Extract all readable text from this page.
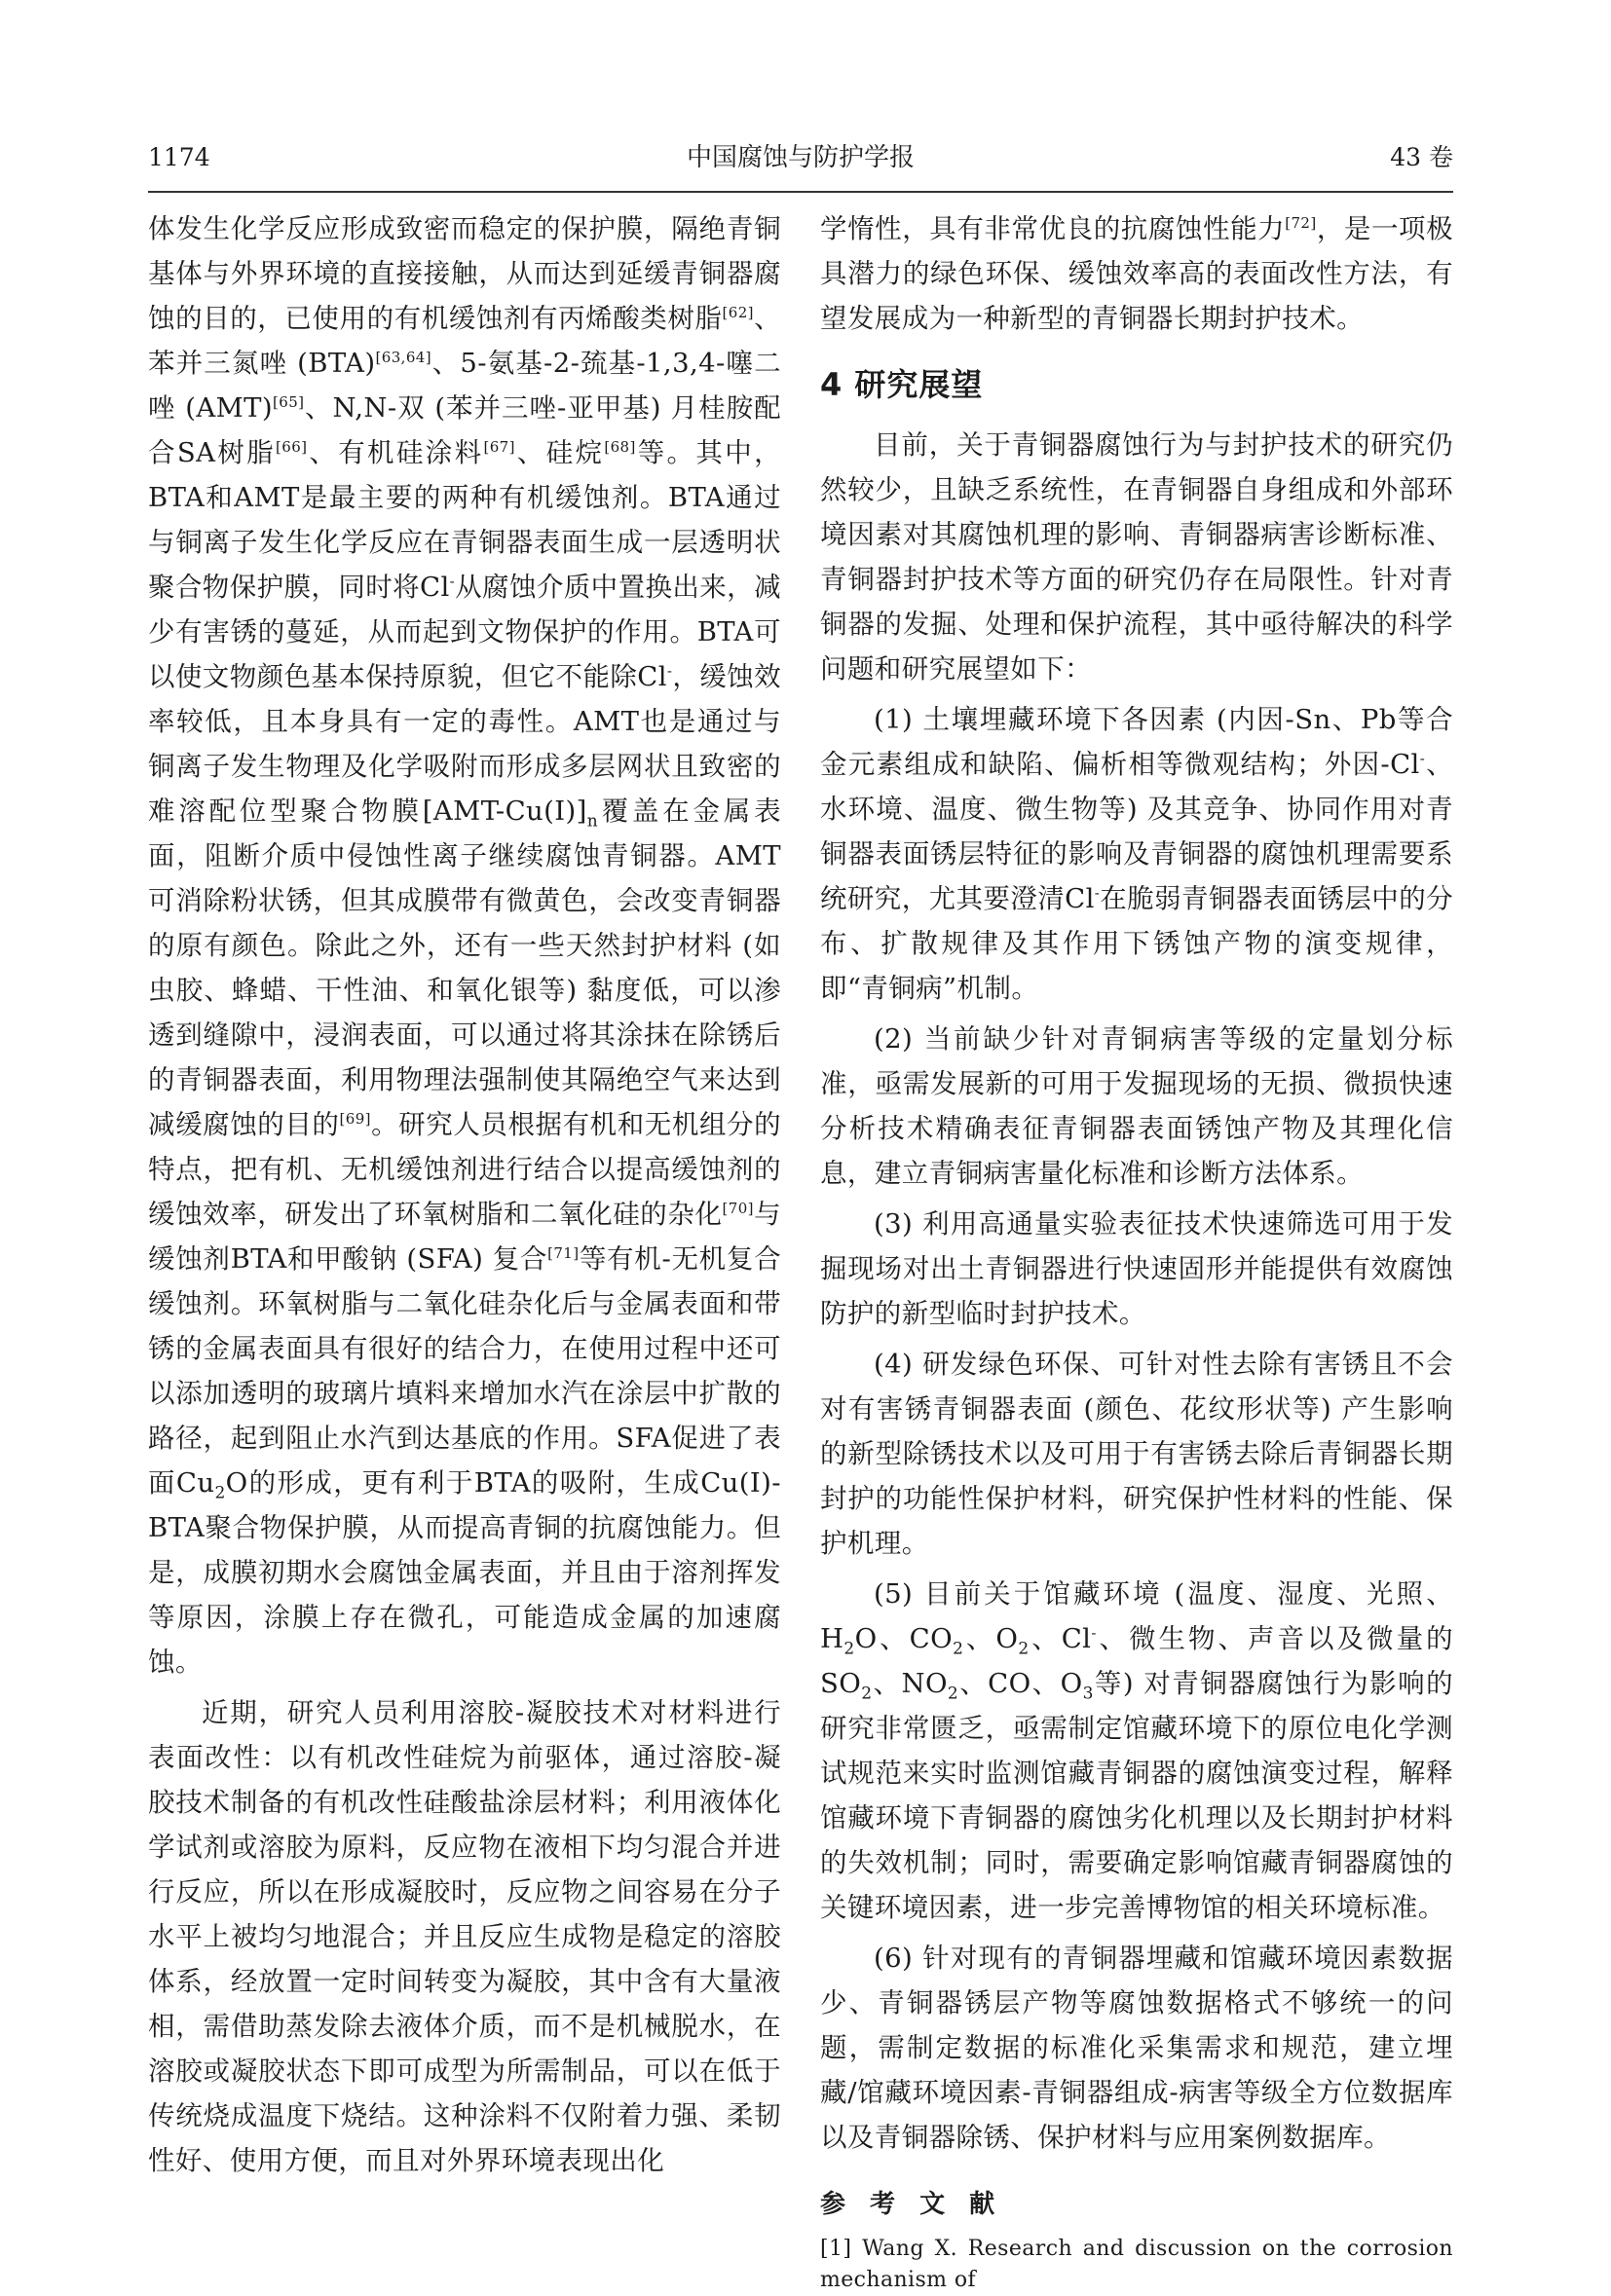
1174	中国腐蚀与防护学报	43 卷

体发生化学反应形成致密而稳定的保护膜，隔绝青铜基体与外界环境的直接接触，从而达到延缓青铜器腐蚀的目的，已使用的有机缓蚀剂有丙烯酸类树脂[62]、苯并三氮唑 (BTA)[63,64]、5-氨基-2-巯基-1,3,4-噻二唑 (AMT)[65]、N,N-双 (苯并三唑-亚甲基) 月桂胺配合SA树脂[66]、有机硅涂料[67]、硅烷[68]等。其中，BTA和AMT是最主要的两种有机缓蚀剂。BTA通过与铜离子发生化学反应在青铜器表面生成一层透明状聚合物保护膜，同时将Cl-从腐蚀介质中置换出来，减少有害锈的蔓延，从而起到文物保护的作用。BTA可以使文物颜色基本保持原貌，但它不能除Cl-，缓蚀效率较低，且本身具有一定的毒性。AMT也是通过与铜离子发生物理及化学吸附而形成多层网状且致密的难溶配位型聚合物膜$[AMT-Cu(I)]_n$覆盖在金属表面，阻断介质中侵蚀性离子继续腐蚀青铜器。AMT可消除粉状锈，但其成膜带有微黄色，会改变青铜器的原有颜色。除此之外，还有一些天然封护材料 (如虫胶、蜂蜡、干性油、和氧化银等) 黏度低，可以渗透到缝隙中，浸润表面，可以通过将其涂抹在除锈后的青铜器表面，利用物理法强制使其隔绝空气来达到减缓腐蚀的目的[69]。研究人员根据有机和无机组分的特点，把有机、无机缓蚀剂进行结合以提高缓蚀剂的缓蚀效率，研发出了环氧树脂和二氧化硅的杂化[70]与缓蚀剂BTA和甲酸钠 (SFA) 复合[71]等有机-无机复合缓蚀剂。环氧树脂与二氧化硅杂化后与金属表面和带锈的金属表面具有很好的结合力，在使用过程中还可以添加透明的玻璃片填料来增加水汽在涂层中扩散的路径，起到阻止水汽到达基底的作用。SFA促进了表面$Cu_2O$的形成，更有利于BTA的吸附，生成Cu(I)-BTA聚合物保护膜，从而提高青铜的抗腐蚀能力。但是，成膜初期水会腐蚀金属表面，并且由于溶剂挥发等原因，涂膜上存在微孔，可能造成金属的加速腐蚀。

近期，研究人员利用溶胶-凝胶技术对材料进行表面改性：以有机改性硅烷为前驱体，通过溶胶-凝胶技术制备的有机改性硅酸盐涂层材料；利用液体化学试剂或溶胶为原料，反应物在液相下均匀混合并进行反应，所以在形成凝胶时，反应物之间容易在分子水平上被均匀地混合；并且反应生成物是稳定的溶胶体系，经放置一定时间转变为凝胶，其中含有大量液相，需借助蒸发除去液体介质，而不是机械脱水，在溶胶或凝胶状态下即可成型为所需制品，可以在低于传统烧成温度下烧结。这种涂料不仅附着力强、柔韧性好、使用方便，而且对外界环境表现出化

学惰性，具有非常优良的抗腐蚀性能力[72]，是一项极具潜力的绿色环保、缓蚀效率高的表面改性方法，有望发展成为一种新型的青铜器长期封护技术。

4 研究展望

目前，关于青铜器腐蚀行为与封护技术的研究仍然较少，且缺乏系统性，在青铜器自身组成和外部环境因素对其腐蚀机理的影响、青铜器病害诊断标准、青铜器封护技术等方面的研究仍存在局限性。针对青铜器的发掘、处理和保护流程，其中亟待解决的科学问题和研究展望如下：

(1) 土壤埋藏环境下各因素 (内因-Sn、Pb等合金元素组成和缺陷、偏析相等微观结构；外因-Cl-、水环境、温度、微生物等) 及其竞争、协同作用对青铜器表面锈层特征的影响及青铜器的腐蚀机理需要系统研究，尤其要澄清Cl-在脆弱青铜器表面锈层中的分布、扩散规律及其作用下锈蚀产物的演变规律，即“青铜病”机制。

(2) 当前缺少针对青铜病害等级的定量划分标准，亟需发展新的可用于发掘现场的无损、微损快速分析技术精确表征青铜器表面锈蚀产物及其理化信息，建立青铜病害量化标准和诊断方法体系。

(3) 利用高通量实验表征技术快速筛选可用于发掘现场对出土青铜器进行快速固形并能提供有效腐蚀防护的新型临时封护技术。

(4) 研发绿色环保、可针对性去除有害锈且不会对有害锈青铜器表面 (颜色、花纹形状等) 产生影响的新型除锈技术以及可用于有害锈去除后青铜器长期封护的功能性保护材料，研究保护性材料的性能、保护机理。

(5) 目前关于馆藏环境 (温度、湿度、光照、$H_2O$、$CO_2$、$O_2$、Cl-、微生物、声音以及微量的$SO_2$、$NO_2$、CO、$O_3$等) 对青铜器腐蚀行为影响的研究非常匮乏，亟需制定馆藏环境下的原位电化学测试规范来实时监测馆藏青铜器的腐蚀演变过程，解释馆藏环境下青铜器的腐蚀劣化机理以及长期封护材料的失效机制；同时，需要确定影响馆藏青铜器腐蚀的关键环境因素，进一步完善博物馆的相关环境标准。

(6) 针对现有的青铜器埋藏和馆藏环境因素数据少、青铜器锈层产物等腐蚀数据格式不够统一的问题，需制定数据的标准化采集需求和规范，建立埋藏/馆藏环境因素-青铜器组成-病害等级全方位数据库以及青铜器除锈、保护材料与应用案例数据库。

参 考 文 献

[1] Wang X. Research and discussion on the corrosion mechanism of
